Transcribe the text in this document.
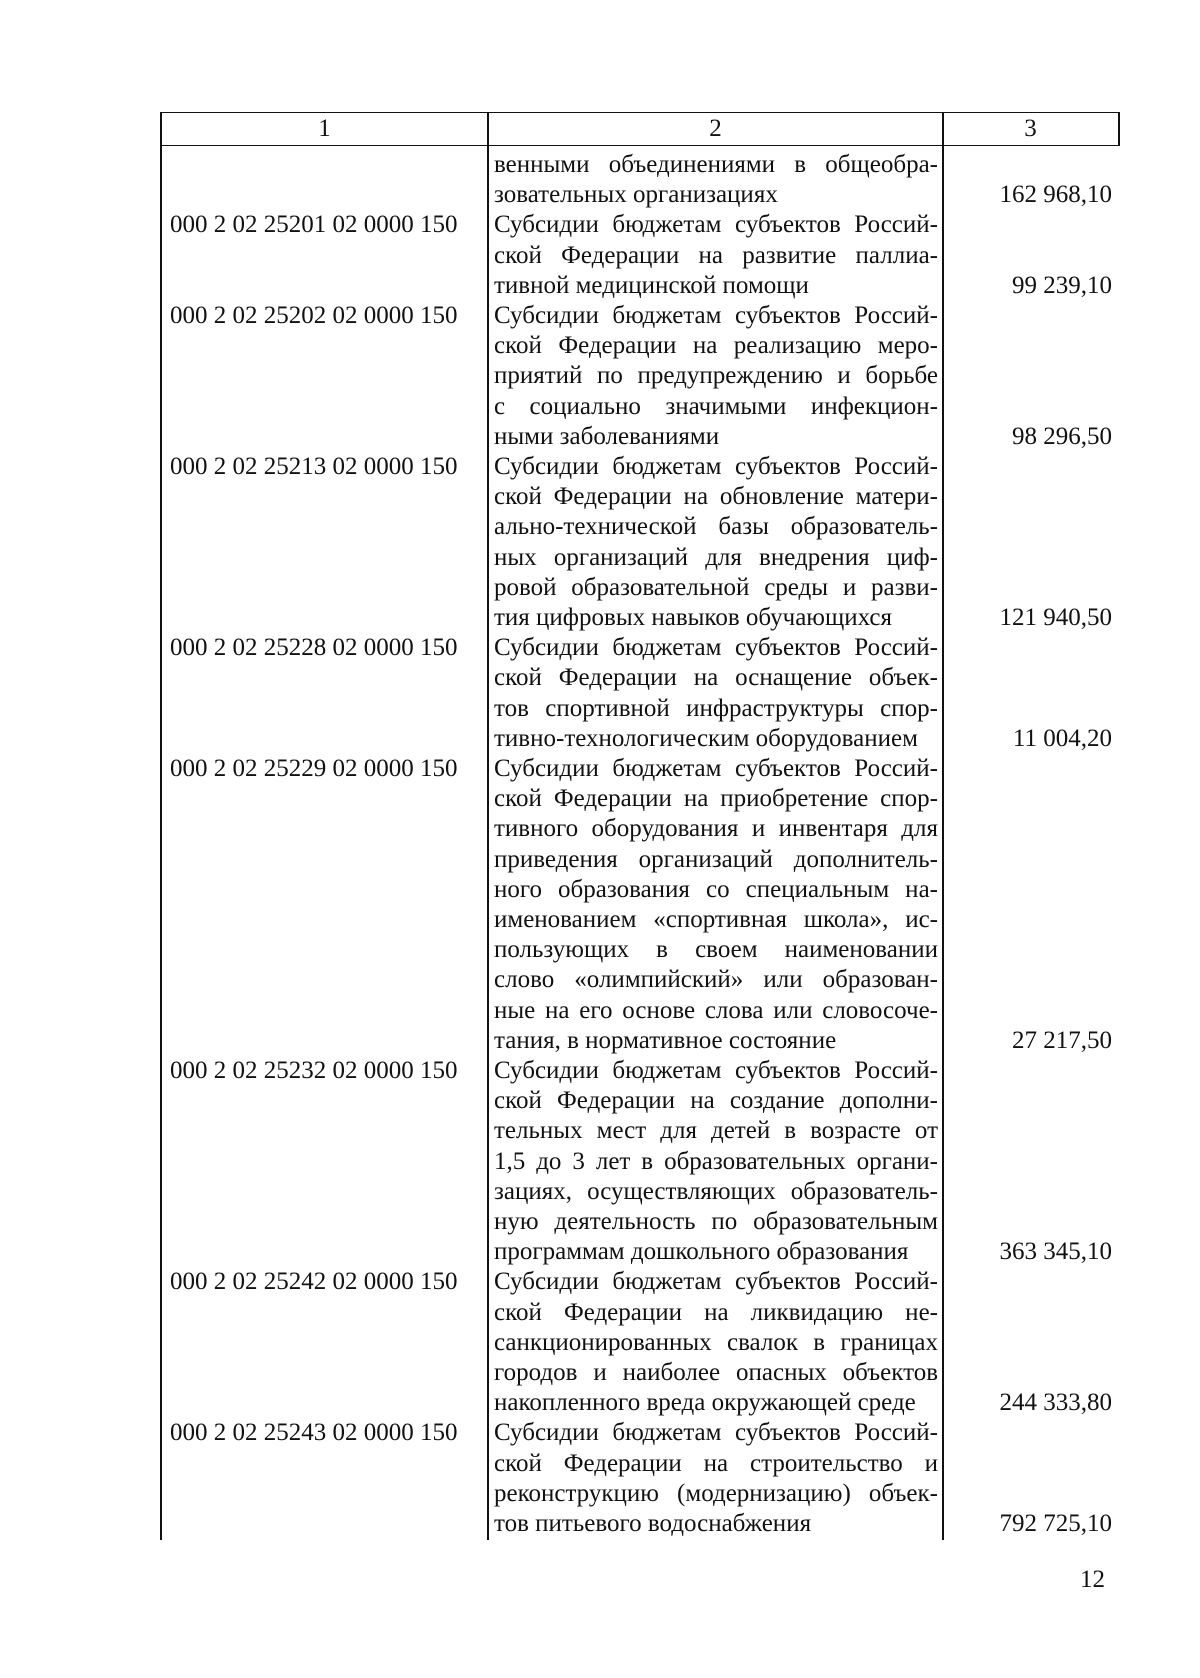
1	2	3
венными объединениями в общеобра-
зовательных организациях	162 968,10
000 2 02 25201 02 0000 150	Субсидии бюджетам субъектов Россий-
ской Федерации на развитие паллиа-
тивной медицинской помощи	99 239,10
000 2 02 25202 02 0000 150	Субсидии бюджетам субъектов Россий-
ской Федерации на реализацию меро-
приятий по предупреждению и борьбе
с социально значимыми инфекцион-
ными заболеваниями	98 296,50
000 2 02 25213 02 0000 150	Субсидии бюджетам субъектов Россий-
ской Федерации на обновление матери-
ально-технической базы образователь-
ных организаций для внедрения циф-
ровой образовательной среды и разви-
тия цифровых навыков обучающихся	121 940,50
000 2 02 25228 02 0000 150	Субсидии бюджетам субъектов Россий-
ской Федерации на оснащение объек-
тов спортивной инфраструктуры спор-
тивно-технологическим оборудованием	11 004,20
000 2 02 25229 02 0000 150	Субсидии бюджетам субъектов Россий-
ской Федерации на приобретение спор-
тивного оборудования и инвентаря для
приведения организаций дополнитель-
ного образования со специальным на-
именованием «спортивная школа», ис-
пользующих в своем наименовании
слово «олимпийский» или образован-
ные на его основе слова или словосоче-
тания, в нормативное состояние	27 217,50
000 2 02 25232 02 0000 150	Субсидии бюджетам субъектов Россий-
ской Федерации на создание дополни-
тельных мест для детей в возрасте от
1,5 до 3 лет в образовательных органи-
зациях, осуществляющих образователь-
ную деятельность по образовательным
программам дошкольного образования	363 345,10
000 2 02 25242 02 0000 150	Субсидии бюджетам субъектов Россий-
ской Федерации на ликвидацию не-
санкционированных свалок в границах
городов и наиболее опасных объектов
накопленного вреда окружающей среде	244 333,80
000 2 02 25243 02 0000 150	Субсидии бюджетам субъектов Россий-
ской Федерации на строительство и
реконструкцию (модернизацию) объек-
тов питьевого водоснабжения	792 725,10
12
